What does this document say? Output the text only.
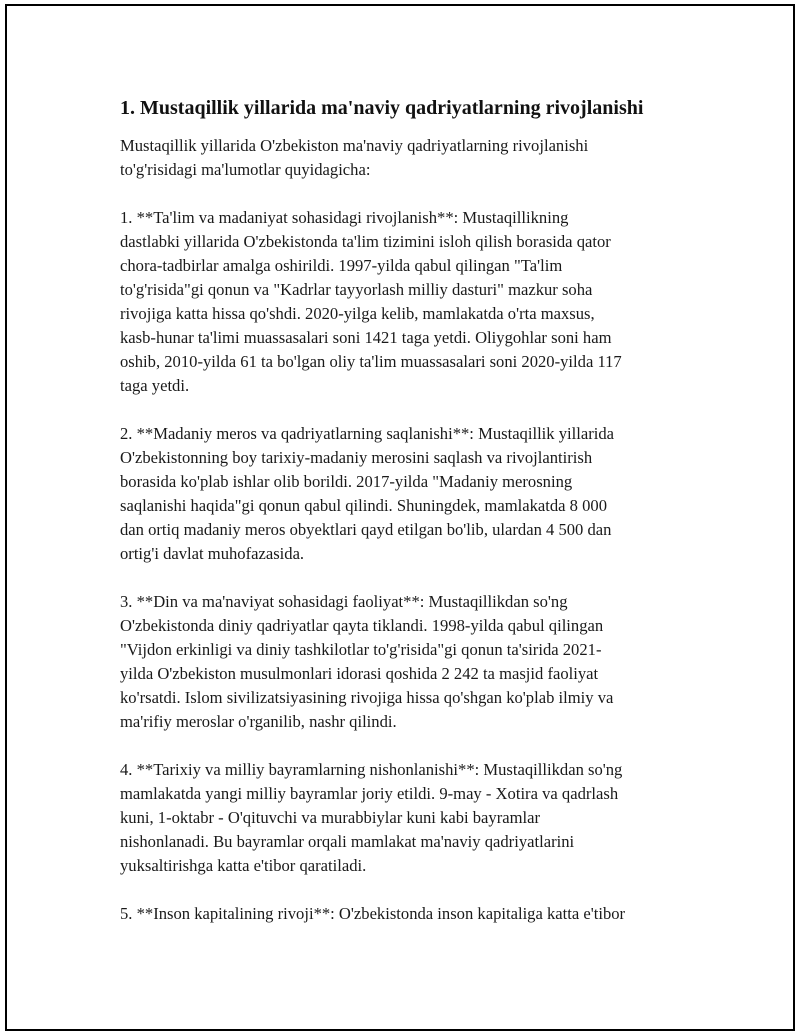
1. Mustaqillik yillarida ma'naviy qadriyatlarning rivojlanishi

Mustaqillik yillarida O'zbekiston ma'naviy qadriyatlarning rivojlanishi
to'g'risidagi ma'lumotlar quyidagicha:

1. **Ta'lim va madaniyat sohasidagi rivojlanish**: Mustaqillikning
dastlabki yillarida O'zbekistonda ta'lim tizimini isloh qilish borasida qator
chora-tadbirlar amalga oshirildi. 1997-yilda qabul qilingan "Ta'lim
to'g'risida"gi qonun va "Kadrlar tayyorlash milliy dasturi" mazkur soha
rivojiga katta hissa qo'shdi. 2020-yilga kelib, mamlakatda o'rta maxsus,
kasb-hunar ta'limi muassasalari soni 1421 taga yetdi. Oliygohlar soni ham
oshib, 2010-yilda 61 ta bo'lgan oliy ta'lim muassasalari soni 2020-yilda 117
taga yetdi.

2. **Madaniy meros va qadriyatlarning saqlanishi**: Mustaqillik yillarida
O'zbekistonning boy tarixiy-madaniy merosini saqlash va rivojlantirish
borasida ko'plab ishlar olib borildi. 2017-yilda "Madaniy merosning
saqlanishi haqida"gi qonun qabul qilindi. Shuningdek, mamlakatda 8 000
dan ortiq madaniy meros obyektlari qayd etilgan bo'lib, ulardan 4 500 dan
ortig'i davlat muhofazasida.

3. **Din va ma'naviyat sohasidagi faoliyat**: Mustaqillikdan so'ng
O'zbekistonda diniy qadriyatlar qayta tiklandi. 1998-yilda qabul qilingan
"Vijdon erkinligi va diniy tashkilotlar to'g'risida"gi qonun ta'sirida 2021-
yilda O'zbekiston musulmonlari idorasi qoshida 2 242 ta masjid faoliyat
ko'rsatdi. Islom sivilizatsiyasining rivojiga hissa qo'shgan ko'plab ilmiy va
ma'rifiy meroslar o'rganilib, nashr qilindi.

4. **Tarixiy va milliy bayramlarning nishonlanishi**: Mustaqillikdan so'ng
mamlakatda yangi milliy bayramlar joriy etildi. 9-may - Xotira va qadrlash
kuni, 1-oktabr - O'qituvchi va murabbiylar kuni kabi bayramlar
nishonlanadi. Bu bayramlar orqali mamlakat ma'naviy qadriyatlarini
yuksaltirishga katta e'tibor qaratiladi.

5. **Inson kapitalining rivoji**: O'zbekistonda inson kapitaliga katta e'tibor
